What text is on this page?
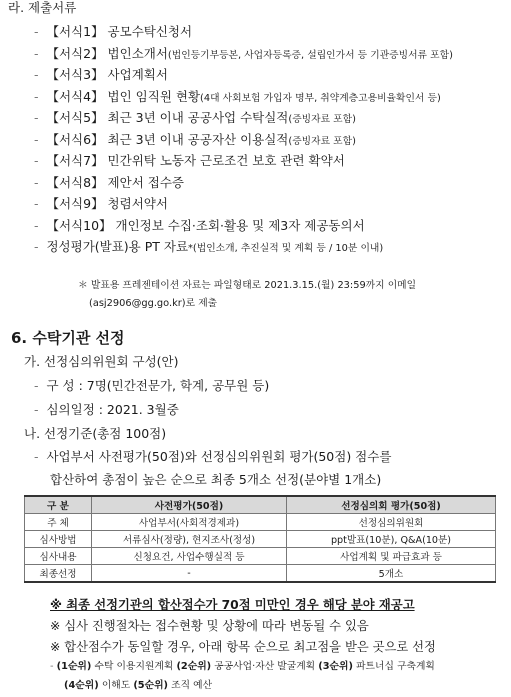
라. 제출서류
- 【서식1】 공모수탁신청서
- 【서식2】 법인소개서(법인등기부등본, 사업자등록증, 설립인가서 등 기관증빙서류 포함)
- 【서식3】 사업계획서
- 【서식4】 법인 임직원 현황(4대 사회보험 가입자 명부, 취약계층고용비율확인서 등)
- 【서식5】 최근 3년 이내 공공사업 수탁실적(증빙자료 포함)
- 【서식6】 최근 3년 이내 공공자산 이용실적(증빙자료 포함)
- 【서식7】 민간위탁 노동자 근로조건 보호 관련 확약서
- 【서식8】 제안서 접수증
- 【서식9】 청렴서약서
- 【서식10】 개인정보 수집·조회·활용 및 제3자 제공동의서
- 정성평가(발표)용 PT 자료*(법인소개, 추진실적 및 계획 등 / 10분 이내)
＊ 발표용 프레젠테이션 자료는 파일형태로 2021.3.15.(월) 23:59까지 이메일
(asj2906@gg.go.kr)로 제출
6. 수탁기관 선정
가. 선정심의위원회 구성(안)
- 구 성 : 7명(민간전문가, 학계, 공무원 등)
- 심의일정 : 2021. 3월중
나. 선정기준(총점 100점)
- 사업부서 사전평가(50점)와 선정심의위원회 평가(50점) 점수를
합산하여 총점이 높은 순으로 최종 5개소 선정(분야별 1개소)
구 분	사전평가(50점)	선정심의회 평가(50점)
주 체	사업부서(사회적경제과)	선정심의위원회
심사방법	서류심사(정량), 현지조사(정성)	ppt발표(10분), Q&A(10분)
심사내용	신청요건, 사업수행실적 등	사업계획 및 파급효과 등
최종선정	-	5개소
※ 최종 선정기관의 합산점수가 70점 미만인 경우 해당 분야 재공고
※ 심사 진행절차는 접수현황 및 상황에 따라 변동될 수 있음
※ 합산점수가 동일할 경우, 아래 항목 순으로 최고점을 받은 곳으로 선정
- (1순위) 수탁 이용지원계획 (2순위) 공공사업·자산 발굴계획 (3순위) 파트너십 구축계획
(4순위) 이해도 (5순위) 조직 예산
